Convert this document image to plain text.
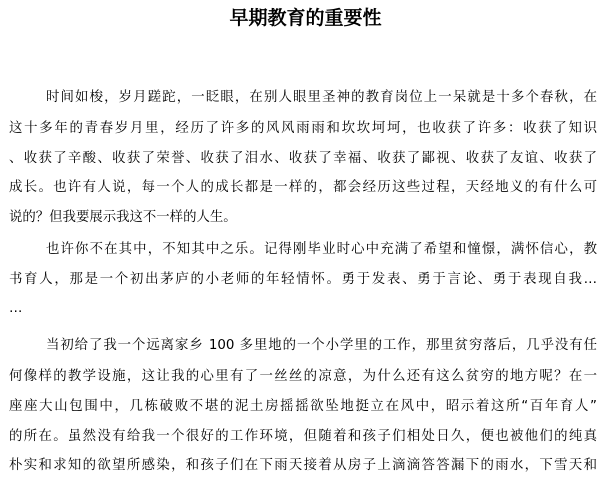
早期教育的重要性

时间如梭，岁月蹉跎，一眨眼，在别人眼里圣神的教育岗位上一呆就是十多个春秋，在

这十多年的青春岁月里，经历了许多的风风雨雨和坎坎坷坷，也收获了许多：收获了知识

、收获了辛酸、收获了荣誉、收获了泪水、收获了幸福、收获了鄙视、收获了友谊、收获了

成长。也许有人说，每一个人的成长都是一样的，都会经历这些过程，天经地义的有什么可

说的？但我要展示我这不一样的人生。

也许你不在其中，不知其中之乐。记得刚毕业时心中充满了希望和憧憬，满怀信心，教

书育人，那是一个初出茅庐的小老师的年轻情怀。勇于发表、勇于言论、勇于表现自我…

…

当初给了我一个远离家乡 100 多里地的一个小学里的工作，那里贫穷落后，几乎没有任

何像样的教学设施，这让我的心里有了一丝丝的凉意，为什么还有这么贫穷的地方呢？在一

座座大山包围中，几栋破败不堪的泥土房摇摇欲坠地挺立在风中，昭示着这所“百年育人”

的所在。虽然没有给我一个很好的工作环境，但随着和孩子们相处日久，便也被他们的纯真

朴实和求知的欲望所感染，和孩子们在下雨天接着从房子上滴滴答答漏下的雨水，下雪天和
